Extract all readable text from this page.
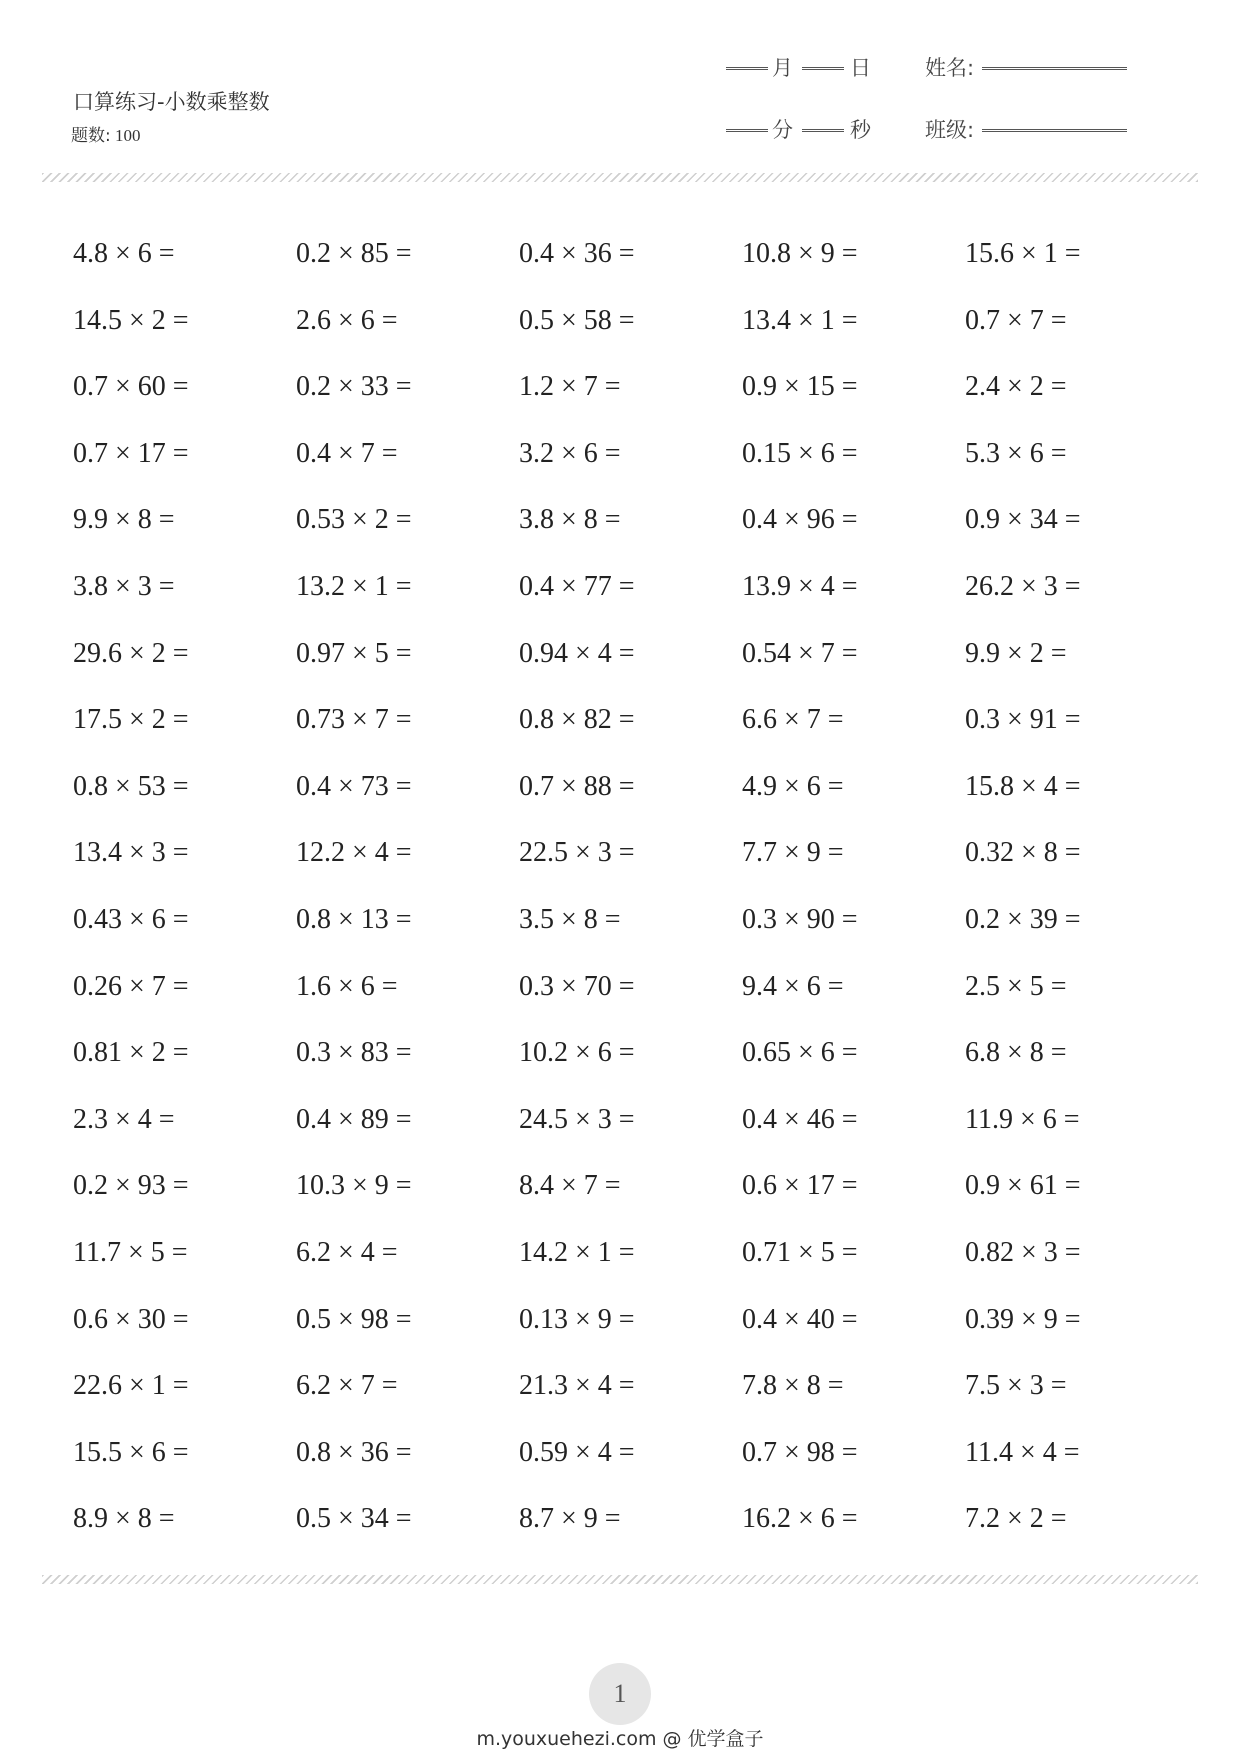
口算练习-小数乘整数
题数: 100
月	日	姓名:
分	秒	班级:
4.8 × 6 =	0.2 × 85 =	0.4 × 36 =	10.8 × 9 =	15.6 × 1 =
14.5 × 2 =	2.6 × 6 =	0.5 × 58 =	13.4 × 1 =	0.7 × 7 =
0.7 × 60 =	0.2 × 33 =	1.2 × 7 =	0.9 × 15 =	2.4 × 2 =
0.7 × 17 =	0.4 × 7 =	3.2 × 6 =	0.15 × 6 =	5.3 × 6 =
9.9 × 8 =	0.53 × 2 =	3.8 × 8 =	0.4 × 96 =	0.9 × 34 =
3.8 × 3 =	13.2 × 1 =	0.4 × 77 =	13.9 × 4 =	26.2 × 3 =
29.6 × 2 =	0.97 × 5 =	0.94 × 4 =	0.54 × 7 =	9.9 × 2 =
17.5 × 2 =	0.73 × 7 =	0.8 × 82 =	6.6 × 7 =	0.3 × 91 =
0.8 × 53 =	0.4 × 73 =	0.7 × 88 =	4.9 × 6 =	15.8 × 4 =
13.4 × 3 =	12.2 × 4 =	22.5 × 3 =	7.7 × 9 =	0.32 × 8 =
0.43 × 6 =	0.8 × 13 =	3.5 × 8 =	0.3 × 90 =	0.2 × 39 =
0.26 × 7 =	1.6 × 6 =	0.3 × 70 =	9.4 × 6 =	2.5 × 5 =
0.81 × 2 =	0.3 × 83 =	10.2 × 6 =	0.65 × 6 =	6.8 × 8 =
2.3 × 4 =	0.4 × 89 =	24.5 × 3 =	0.4 × 46 =	11.9 × 6 =
0.2 × 93 =	10.3 × 9 =	8.4 × 7 =	0.6 × 17 =	0.9 × 61 =
11.7 × 5 =	6.2 × 4 =	14.2 × 1 =	0.71 × 5 =	0.82 × 3 =
0.6 × 30 =	0.5 × 98 =	0.13 × 9 =	0.4 × 40 =	0.39 × 9 =
22.6 × 1 =	6.2 × 7 =	21.3 × 4 =	7.8 × 8 =	7.5 × 3 =
15.5 × 6 =	0.8 × 36 =	0.59 × 4 =	0.7 × 98 =	11.4 × 4 =
8.9 × 8 =	0.5 × 34 =	8.7 × 9 =	16.2 × 6 =	7.2 × 2 =
1
m.youxuehezi.com @ 优学盒子
